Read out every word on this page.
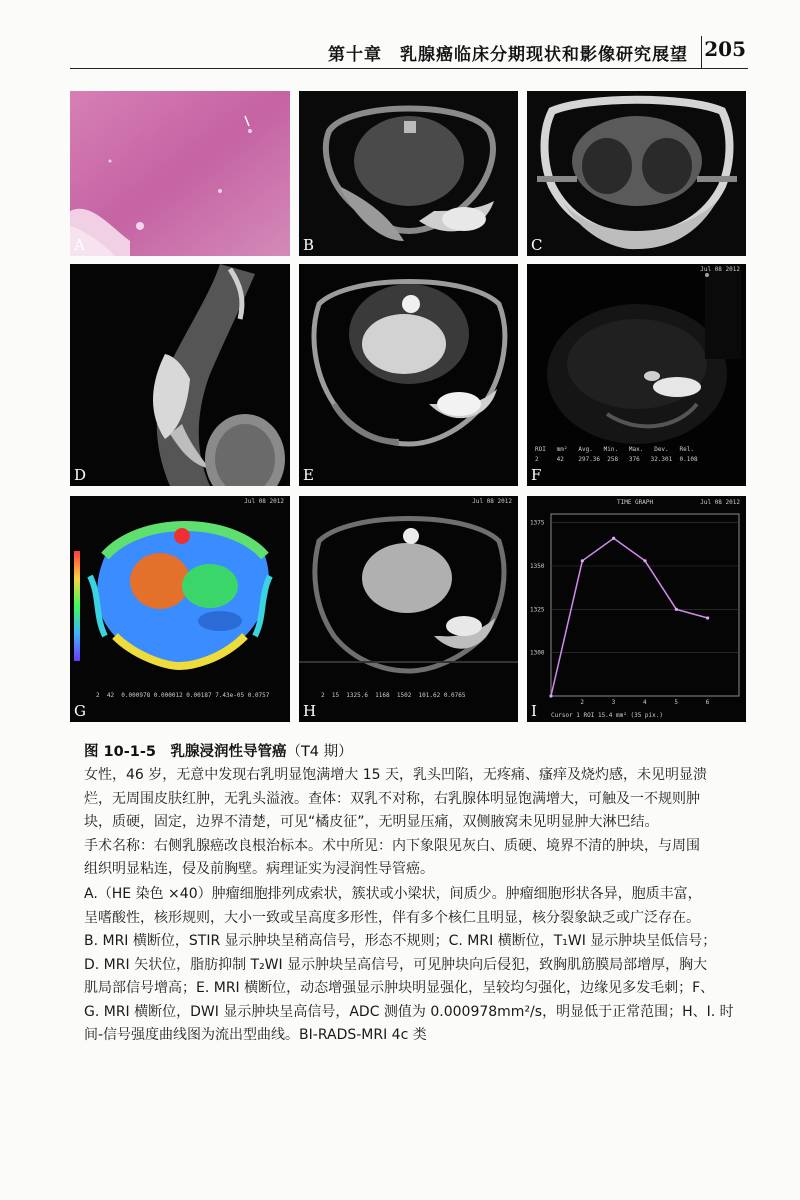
第十章　乳腺癌临床分期现状和影像研究展望 205
A	B	C
D	E
Jul 08 2012
ROI   mm²   Avg.   Min.   Max.   Dev.   Rel.
2     42    297.36  258   376   32.301  0.108
F
Jul 08 2012
2  42  0.000978 0.000012 0.00187 7.43e-05 0.0757
G
Jul 08 2012
2  15  1325.6  1168  1502  101.62 0.0765
H
1300
1325
1350
1375
2	3	4	5	6
TIME GRAPH	Jul 08 2012
Cursor 1 ROI 15.4 mm² (35 pix.)
I
图 10-1-5　乳腺浸润性导管癌（T4 期）
女性，46 岁，无意中发现右乳明显饱满增大 15 天，乳头凹陷，无疼痛、瘙痒及烧灼感，未见明显溃
烂，无周围皮肤红肿，无乳头溢液。查体：双乳不对称，右乳腺体明显饱满增大，可触及一不规则肿
块，质硬，固定，边界不清楚，可见“橘皮征”，无明显压痛，双侧腋窝未见明显肿大淋巴结。
手术名称：右侧乳腺癌改良根治标本。术中所见：内下象限见灰白、质硬、境界不清的肿块，与周围
组织明显粘连，侵及前胸壁。病理证实为浸润性导管癌。
A.（HE 染色 ×40）肿瘤细胞排列成索状，簇状或小梁状，间质少。肿瘤细胞形状各异，胞质丰富，
呈嗜酸性，核形规则，大小一致或呈高度多形性，伴有多个核仁且明显，核分裂象缺乏或广泛存在。
B. MRI 横断位，STIR 显示肿块呈稍高信号，形态不规则；C. MRI 横断位，T₁WI 显示肿块呈低信号；
D. MRI 矢状位，脂肪抑制 T₂WI 显示肿块呈高信号，可见肿块向后侵犯，致胸肌筋膜局部增厚，胸大
肌局部信号增高；E. MRI 横断位，动态增强显示肿块明显强化，呈较均匀强化，边缘见多发毛刺；F、
G. MRI 横断位，DWI 显示肿块呈高信号，ADC 测值为 0.000978mm²/s，明显低于正常范围；H、I. 时
间-信号强度曲线图为流出型曲线。BI-RADS-MRI 4c 类
